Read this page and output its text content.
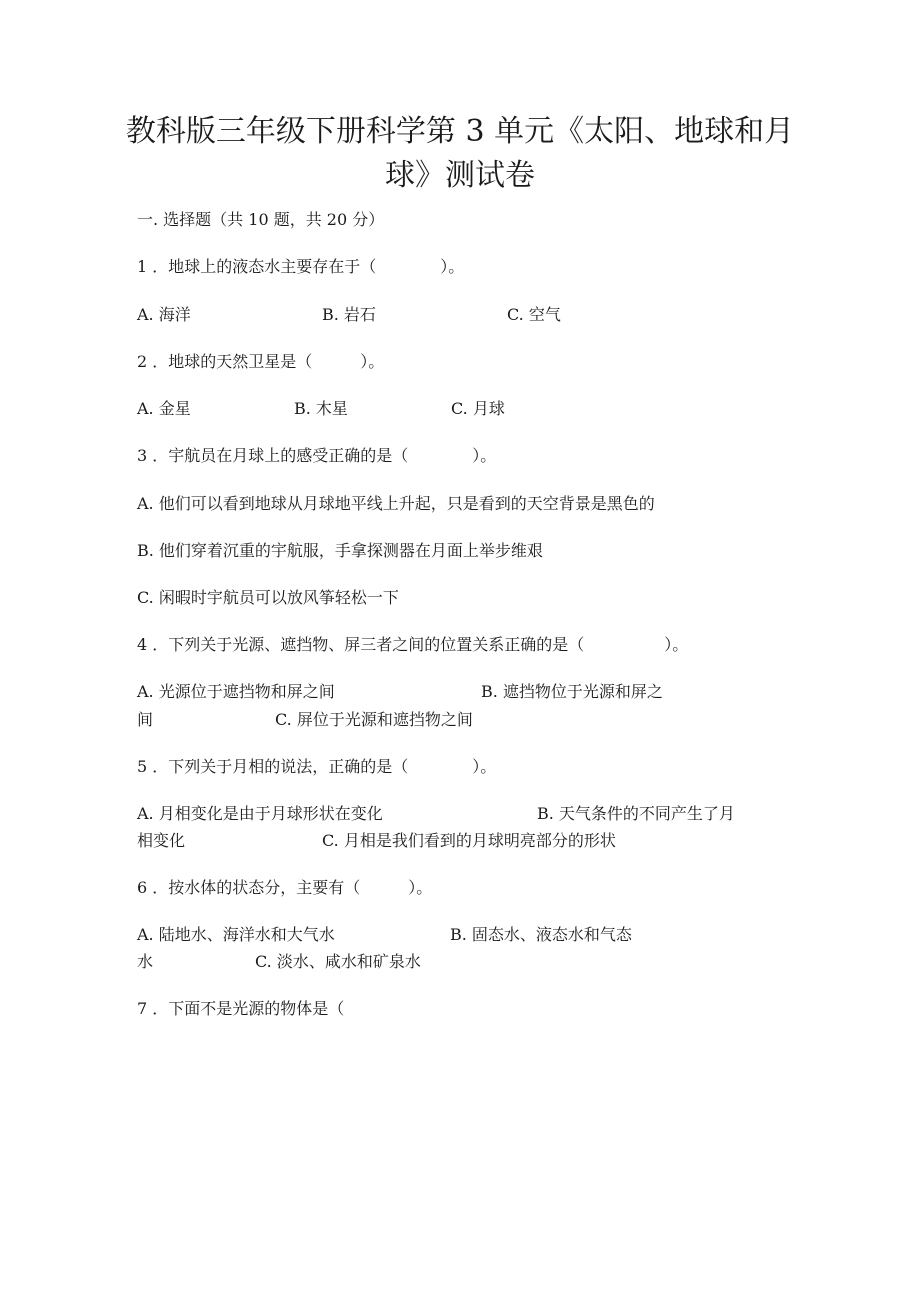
教科版三年级下册科学第 3 单元《太阳、地球和月
球》测试卷
一. 选择题（共 10 题，共 20 分）
1 ．地球上的液态水主要存在于（　　　　）。
A. 海洋	B. 岩石	C. 空气
2 ．地球的天然卫星是（　　　）。
A. 金星	B. 木星	C. 月球
3 ．宇航员在月球上的感受正确的是（　　　　）。
A. 他们可以看到地球从月球地平线上升起，只是看到的天空背景是黑色的
B. 他们穿着沉重的宇航服，手拿探测器在月面上举步维艰
C. 闲暇时宇航员可以放风筝轻松一下
4 ．下列关于光源、遮挡物、屏三者之间的位置关系正确的是（　　　　　）。
A. 光源位于遮挡物和屏之间	B. 遮挡物位于光源和屏之
间	C. 屏位于光源和遮挡物之间
5 ．下列关于月相的说法，正确的是（　　　　）。
A. 月相变化是由于月球形状在变化	B. 天气条件的不同产生了月
相变化	C. 月相是我们看到的月球明亮部分的形状
6 ．按水体的状态分，主要有（　　　）。
A. 陆地水、海洋水和大气水	B. 固态水、液态水和气态
水	C. 淡水、咸水和矿泉水
7 ．下面不是光源的物体是（
